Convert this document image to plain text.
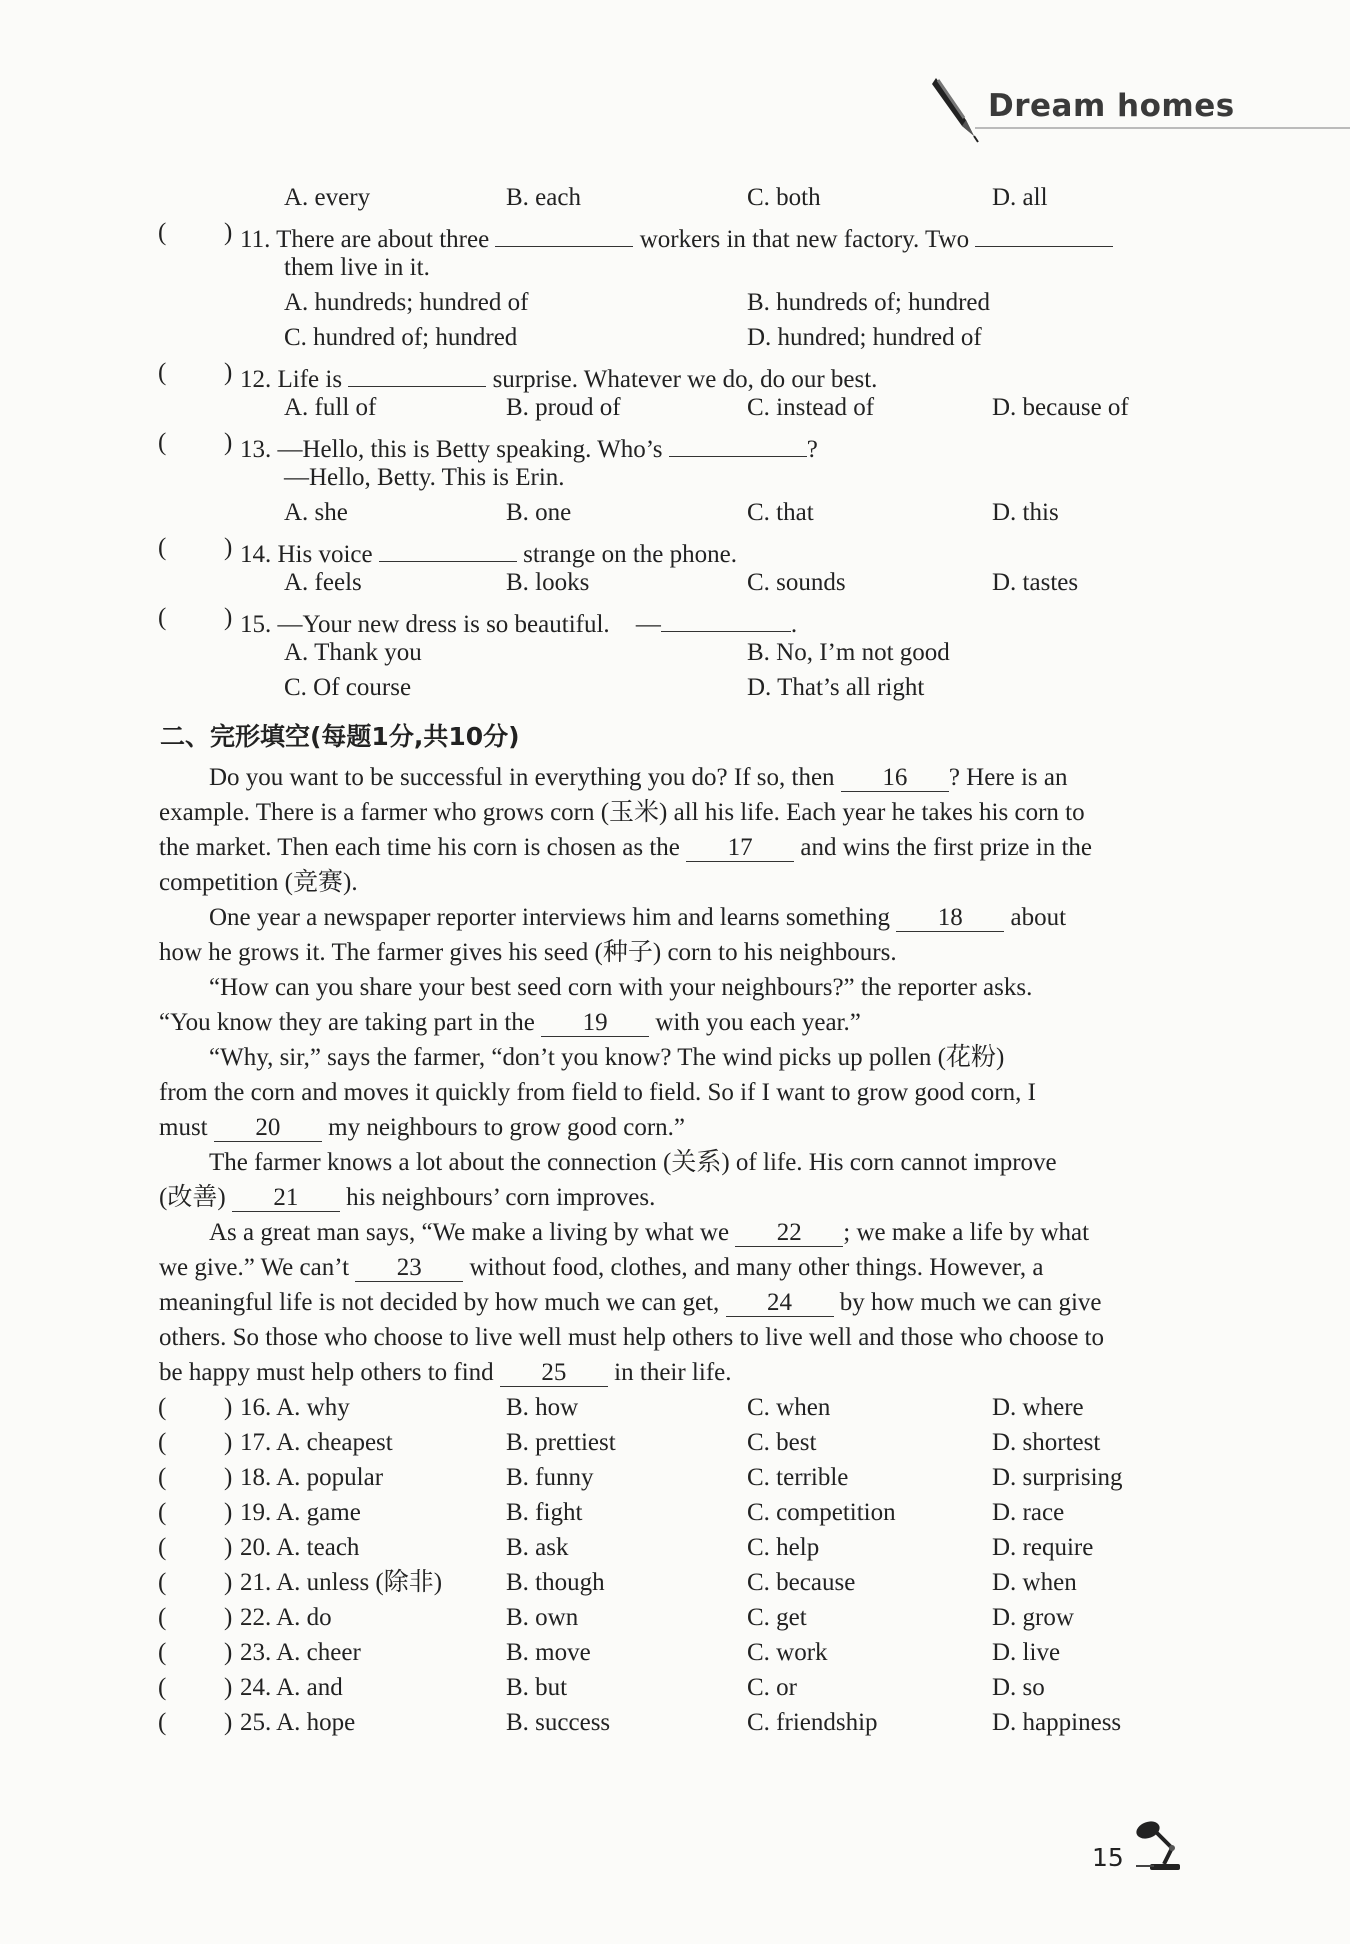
Dream homes
A. every	B. each	C. both	D. all
( ) 11. There are about three	workers in that new factory. Two
them live in it.
A. hundreds; hundred of	B. hundreds of; hundred
C. hundred of; hundred	D. hundred; hundred of
( ) 12. Life is	surprise. Whatever we do, do our best.
A. full of	B. proud of	C. instead of	D. because of
( ) 13. —Hello, this is Betty speaking. Who’s	?
—Hello, Betty. This is Erin.
A. she	B. one	C. that	D. this
( ) 14. His voice	strange on the phone.
A. feels	B. looks	C. sounds	D. tastes
( ) 15. —Your new dress is so beautiful. —	.
A. Thank you	B. No, I’m not good
C. Of course	D. That’s all right
二、完形填空(每题1分,共10分)
Do you want to be successful in everything you do? If so, then 16 ? Here is an
example. There is a farmer who grows corn (玉米) all his life. Each year he takes his corn to
the market. Then each time his corn is chosen as the 17 and wins the first prize in the
competition (竞赛).
One year a newspaper reporter interviews him and learns something 18 about
how he grows it. The farmer gives his seed (种子) corn to his neighbours.
“How can you share your best seed corn with your neighbours?” the reporter asks.
“You know they are taking part in the 19 with you each year.”
“Why, sir,” says the farmer, “don’t you know? The wind picks up pollen (花粉)
from the corn and moves it quickly from field to field. So if I want to grow good corn, I
must 20 my neighbours to grow good corn.”
The farmer knows a lot about the connection (关系) of life. His corn cannot improve
(改善) 21 his neighbours’ corn improves.
As a great man says, “We make a living by what we 22 ; we make a life by what
we give.” We can’t 23 without food, clothes, and many other things. However, a
meaningful life is not decided by how much we can get, 24 by how much we can give
others. So those who choose to live well must help others to live well and those who choose to
be happy must help others to find 25 in their life.
( ) 16. A. why	B. how	C. when	D. where
( ) 17. A. cheapest	B. prettiest	C. best	D. shortest
( ) 18. A. popular	B. funny	C. terrible	D. surprising
( ) 19. A. game	B. fight	C. competition	D. race
( ) 20. A. teach	B. ask	C. help	D. require
( ) 21. A. unless (除非)	B. though	C. because	D. when
( ) 22. A. do	B. own	C. get	D. grow
( ) 23. A. cheer	B. move	C. work	D. live
( ) 24. A. and	B. but	C. or	D. so
( ) 25. A. hope	B. success	C. friendship	D. happiness
15
